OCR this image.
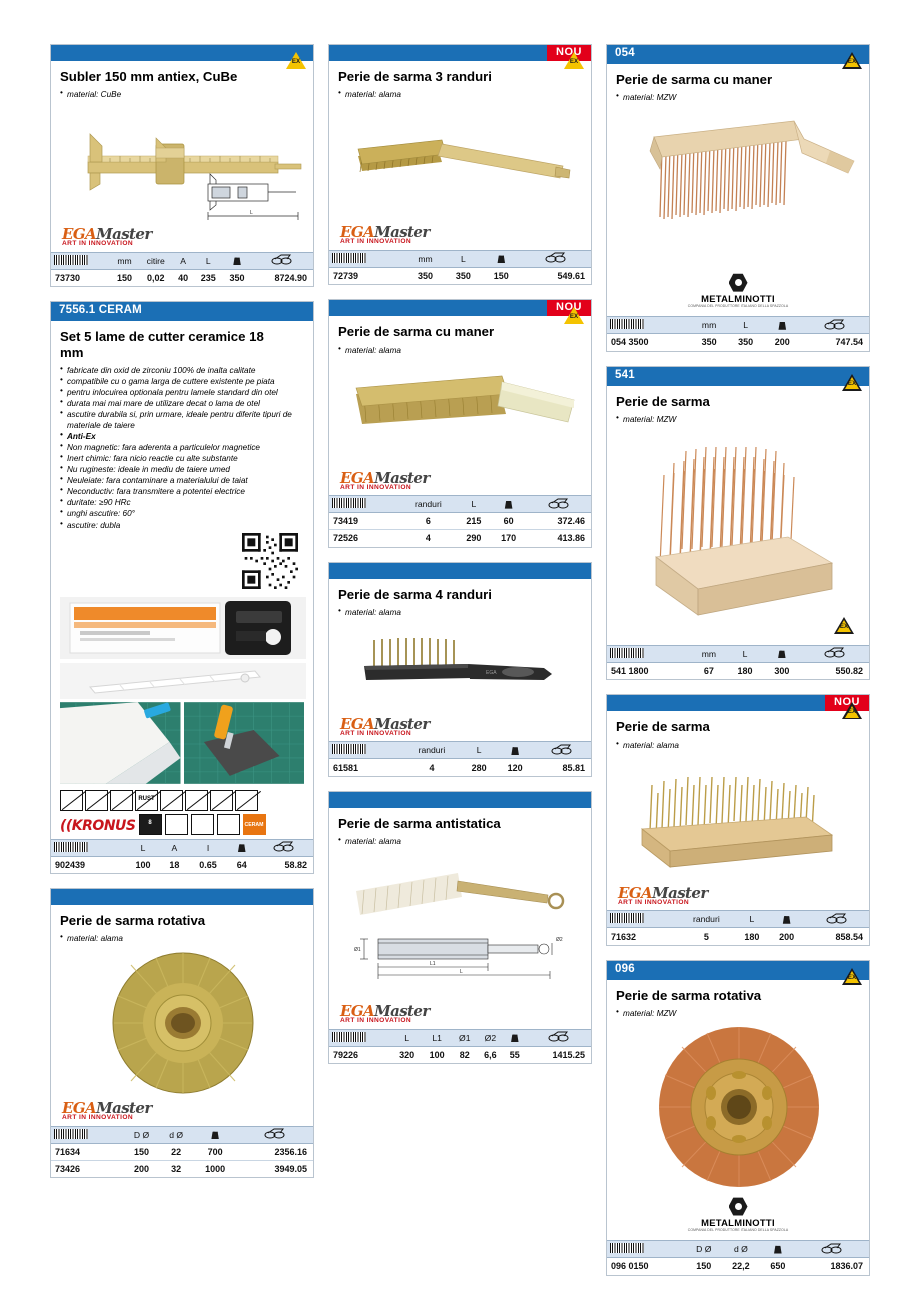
EX
Subler 150 mm antiex, CuBe
• material: CuBe
L
EGAMaster
ART IN INNOVATION
	mm	citire	A	L		
73730	150	0,02	40	235	350	8724.90
7556.1 CERAM
Set 5 lame de cutter ceramice 18 mm
• fabricate din oxid de zirconiu 100% de inalta calitate
• compatibile cu o gama larga de cuttere existente pe piata
• pentru inlocuirea optionala pentru lamele standard din otel
• durata mai mai mare de utilizare decat o lama de otel
• ascutire durabila si, prin urmare, ideale pentru diferite tipuri de materiale de taiere
• Anti-Ex
• Non magnetic: fara aderenta a particulelor magnetice
• Inert chimic: fara nicio reactie cu alte substante
• Nu rugineste: ideale in mediu de taiere umed
• Neuleiate: fara contaminare a materialului de taiat
• Neconductiv: fara transmitere a potentei electrice
• duritate: ≥90 HRc
• unghi ascutire: 60°
• ascutire: dubla
RUST
((KRONUS	8	CERAM
	L	A	I		
902439	100	18	0.65	64	58.82
Perie de sarma rotativa
• material: alama
EGAMaster
ART IN INNOVATION
	D Ø	d Ø		
71634	150	22	700	2356.16
73426	200	32	1000	3949.05
NOU
EX
Perie de sarma 3 randuri
• material: alama
EGAMaster
ART IN INNOVATION
	mm	L		
72739	350	350	150	549.61
NOU
EX
Perie de sarma cu maner
• material: alama
EGAMaster
ART IN INNOVATION
	randuri	L		
73419	6	215	60	372.46
72526	4	290	170	413.86
Perie de sarma 4 randuri
• material: alama
EGA
EGAMaster
ART IN INNOVATION
	randuri	L		
61581	4	280	120	85.81
Perie de sarma antistatica
• material: alama
L1
L
Ø1
Ø2
EGAMaster
ART IN INNOVATION
	L	L1	Ø1	Ø2		
79226	320	100	82	6,6	55	1415.25
054
EX
Perie de sarma cu maner
• material: MZW
METALMINOTTI
COMPANIA DEL PRODUTTORE ITALIANO DELLA SPAZZOLA
	mm	L		
054 3500	350	350	200	747.54
541
EX
Perie de sarma
• material: MZW
EX
	mm	L		
541 1800	67	180	300	550.82
NOU
EX
Perie de sarma
• material: alama
EGAMaster
ART IN INNOVATION
	randuri	L		
71632	5	180	200	858.54
096
EX
Perie de sarma rotativa
• material: MZW
METALMINOTTI
COMPANIA DEL PRODUTTORE ITALIANO DELLA SPAZZOLA
	D Ø	d Ø		
096 0150	150	22,2	650	1836.07
